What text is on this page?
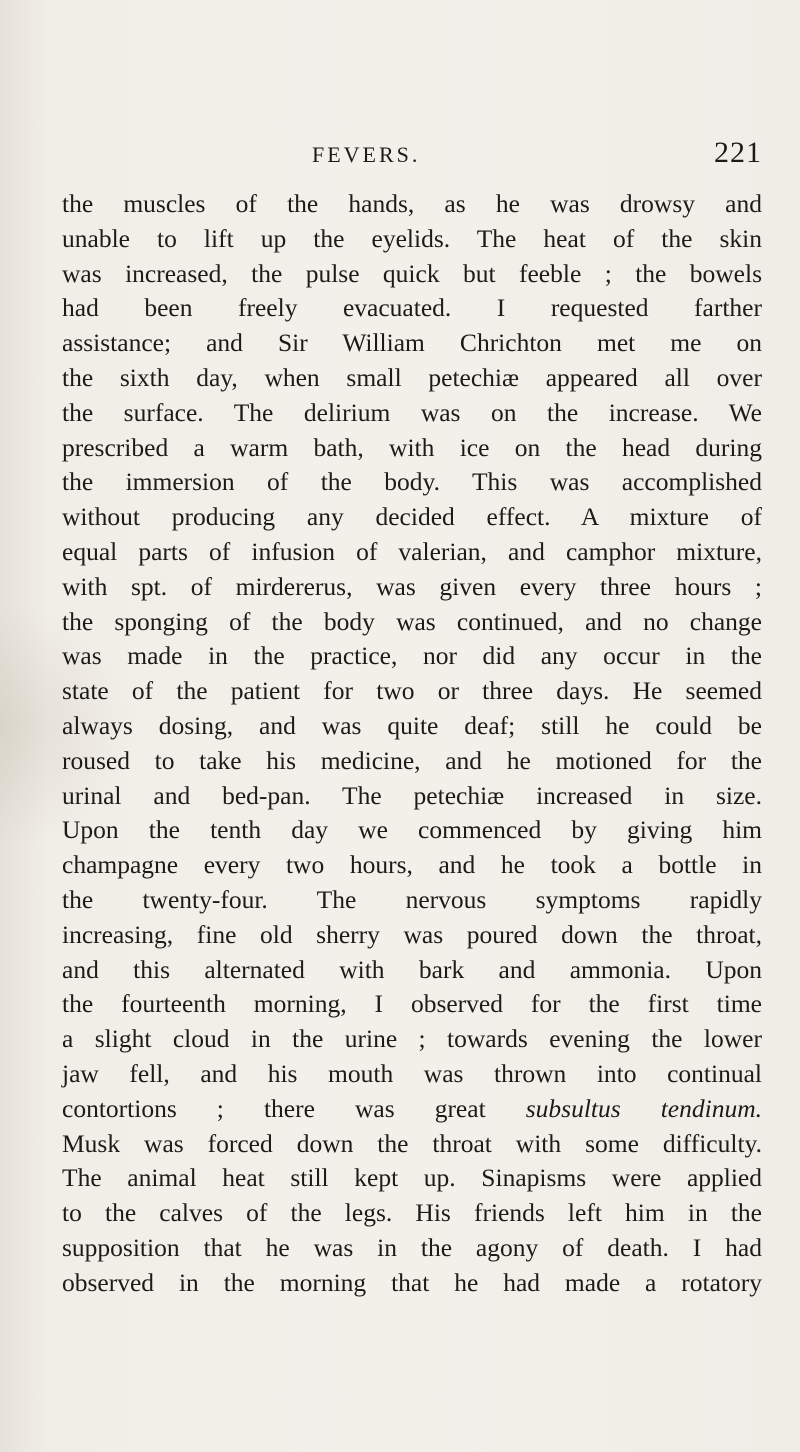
FEVERS.	221
the muscles of the hands, as he was drowsy and
unable to lift up the eyelids. The heat of the skin
was increased, the pulse quick but feeble ; the bowels
had been freely evacuated. I requested farther
assistance; and Sir William Chrichton met me on
the sixth day, when small petechiæ appeared all over
the surface. The delirium was on the increase. We
prescribed a warm bath, with ice on the head during
the immersion of the body. This was accomplished
without producing any decided effect. A mixture of
equal parts of infusion of valerian, and camphor mixture,
with spt. of mirdererus, was given every three hours ;
the sponging of the body was continued, and no change
was made in the practice, nor did any occur in the
state of the patient for two or three days. He seemed
always dosing, and was quite deaf; still he could be
roused to take his medicine, and he motioned for the
urinal and bed-pan. The petechiæ increased in size.
Upon the tenth day we commenced by giving him
champagne every two hours, and he took a bottle in
the twenty-four. The nervous symptoms rapidly
increasing, fine old sherry was poured down the throat,
and this alternated with bark and ammonia. Upon
the fourteenth morning, I observed for the first time
a slight cloud in the urine ; towards evening the lower
jaw fell, and his mouth was thrown into continual
contortions ; there was great subsultus tendinum.
Musk was forced down the throat with some difficulty.
The animal heat still kept up. Sinapisms were applied
to the calves of the legs. His friends left him in the
supposition that he was in the agony of death. I had
observed in the morning that he had made a rotatory
